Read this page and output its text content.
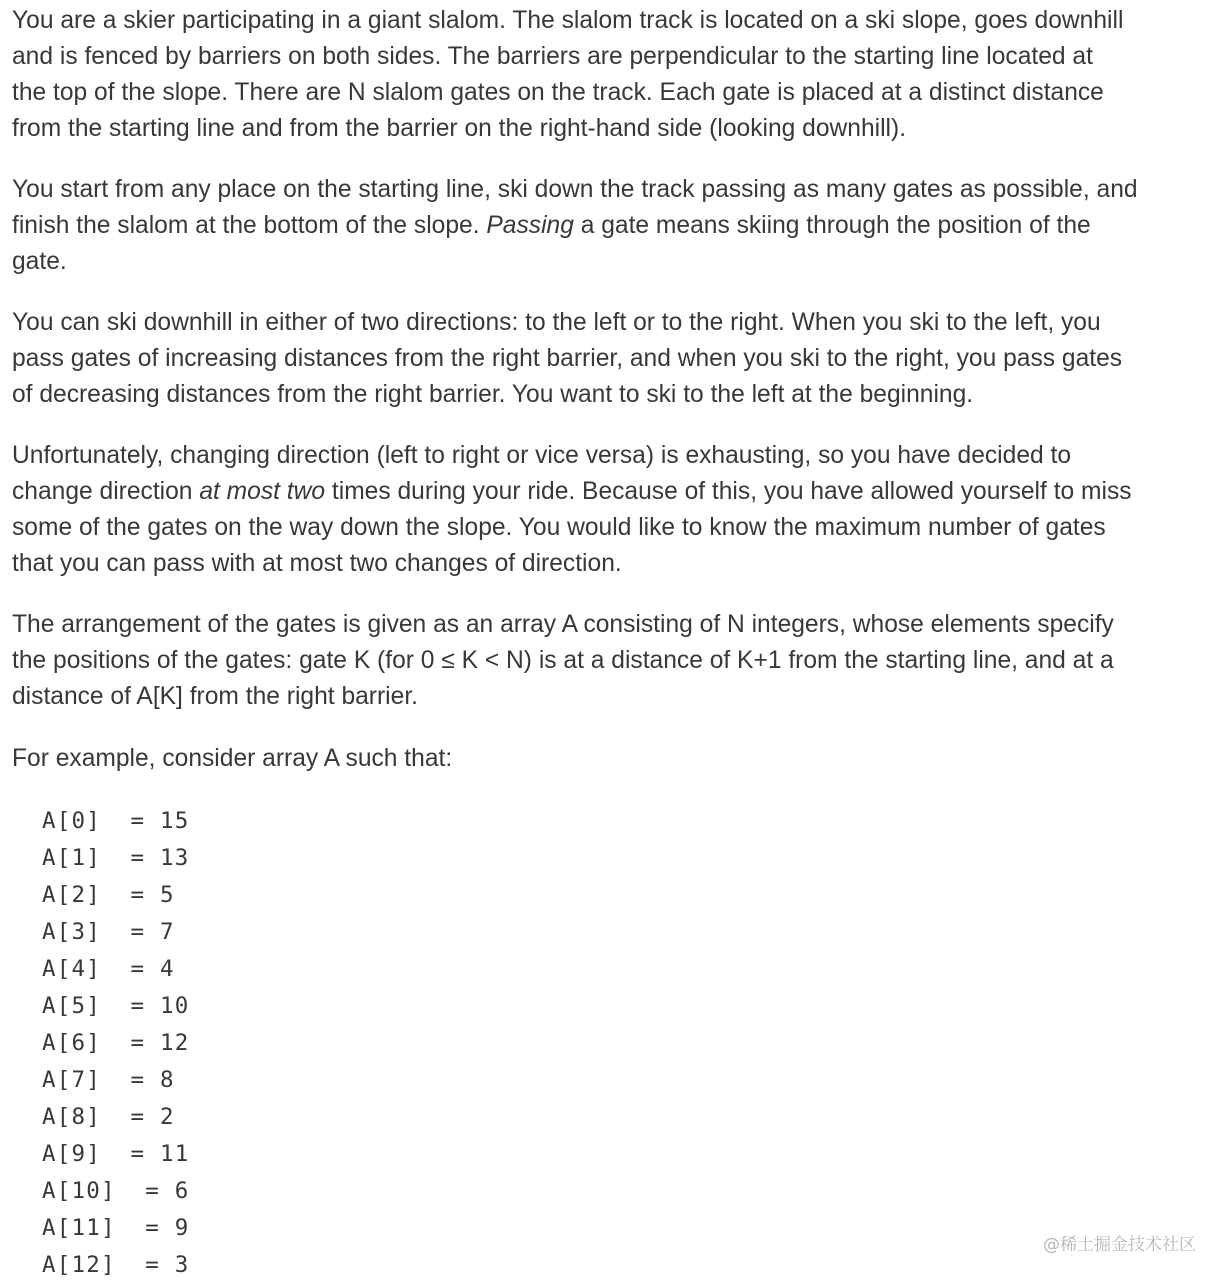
You are a skier participating in a giant slalom. The slalom track is located on a ski slope, goes downhill
and is fenced by barriers on both sides. The barriers are perpendicular to the starting line located at
the top of the slope. There are N slalom gates on the track. Each gate is placed at a distinct distance
from the starting line and from the barrier on the right-hand side (looking downhill).

You start from any place on the starting line, ski down the track passing as many gates as possible, and
finish the slalom at the bottom of the slope. Passing a gate means skiing through the position of the
gate.

You can ski downhill in either of two directions: to the left or to the right. When you ski to the left, you
pass gates of increasing distances from the right barrier, and when you ski to the right, you pass gates
of decreasing distances from the right barrier. You want to ski to the left at the beginning.

Unfortunately, changing direction (left to right or vice versa) is exhausting, so you have decided to
change direction at most two times during your ride. Because of this, you have allowed yourself to miss
some of the gates on the way down the slope. You would like to know the maximum number of gates
that you can pass with at most two changes of direction.

The arrangement of the gates is given as an array A consisting of N integers, whose elements specify
the positions of the gates: gate K (for 0 ≤ K < N) is at a distance of K+1 from the starting line, and at a
distance of A[K] from the right barrier.

For example, consider array A such that:

A[0]  = 15
A[1]  = 13
A[2]  = 5
A[3]  = 7
A[4]  = 4
A[5]  = 10
A[6]  = 12
A[7]  = 8
A[8]  = 2
A[9]  = 11
A[10]  = 6
A[11]  = 9
A[12]  = 3
@稀土掘金技术社区
